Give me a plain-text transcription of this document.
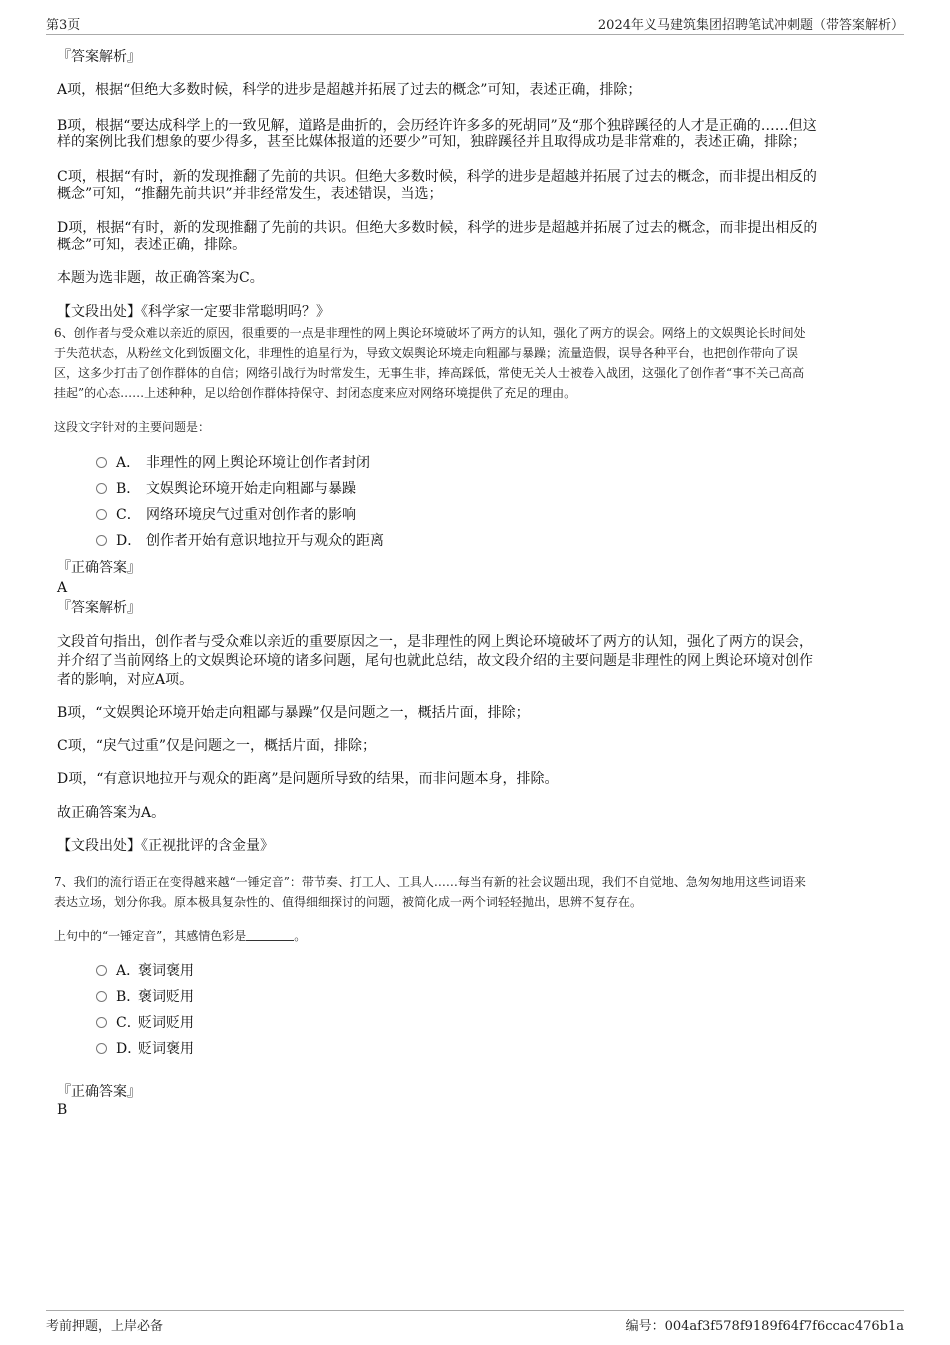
第3页	2024年义马建筑集团招聘笔试冲刺题（带答案解析）
『答案解析』
A项，根据“但绝大多数时候，科学的进步是超越并拓展了过去的概念”可知，表述正确，排除；
B项，根据“要达成科学上的一致见解，道路是曲折的，会历经许许多多的死胡同”及“那个独辟蹊径的人才是正确的……但这
样的案例比我们想象的要少得多，甚至比媒体报道的还要少”可知，独辟蹊径并且取得成功是非常难的，表述正确，排除；
C项，根据“有时，新的发现推翻了先前的共识。但绝大多数时候，科学的进步是超越并拓展了过去的概念，而非提出相反的
概念”可知，“推翻先前共识”并非经常发生，表述错误，当选；
D项，根据“有时，新的发现推翻了先前的共识。但绝大多数时候，科学的进步是超越并拓展了过去的概念，而非提出相反的
概念”可知，表述正确，排除。
本题为选非题，故正确答案为C。
【文段出处】《科学家一定要非常聪明吗？》
6、创作者与受众难以亲近的原因，很重要的一点是非理性的网上舆论环境破坏了两方的认知，强化了两方的误会。网络上的文娱舆论长时间处
于失范状态，从粉丝文化到饭圈文化，非理性的追星行为，导致文娱舆论环境走向粗鄙与暴躁；流量造假，误导各种平台，也把创作带向了误
区，这多少打击了创作群体的自信；网络引战行为时常发生，无事生非，捧高踩低，常使无关人士被卷入战团，这强化了创作者“事不关己高高
挂起”的心态……上述种种，足以给创作群体持保守、封闭态度来应对网络环境提供了充足的理由。
这段文字针对的主要问题是：
A． 非理性的网上舆论环境让创作者封闭
B． 文娱舆论环境开始走向粗鄙与暴躁
C． 网络环境戾气过重对创作者的影响
D． 创作者开始有意识地拉开与观众的距离
『正确答案』
A
『答案解析』
文段首句指出，创作者与受众难以亲近的重要原因之一，是非理性的网上舆论环境破坏了两方的认知，强化了两方的误会，
并介绍了当前网络上的文娱舆论环境的诸多问题，尾句也就此总结，故文段介绍的主要问题是非理性的网上舆论环境对创作
者的影响，对应A项。
B项，“文娱舆论环境开始走向粗鄙与暴躁”仅是问题之一，概括片面，排除；
C项，“戾气过重”仅是问题之一，概括片面，排除；
D项，“有意识地拉开与观众的距离”是问题所导致的结果，而非问题本身，排除。
故正确答案为A。
【文段出处】《正视批评的含金量》
7、我们的流行语正在变得越来越“一锤定音”：带节奏、打工人、工具人……每当有新的社会议题出现，我们不自觉地、急匆匆地用这些词语来
表达立场，划分你我。原本极具复杂性的、值得细细探讨的问题，被简化成一两个词轻轻抛出，思辨不复存在。
上句中的“一锤定音”，其感情色彩是	。
A．褒词褒用
B．褒词贬用
C．贬词贬用
D．贬词褒用
『正确答案』
B
考前押题，上岸必备	编号：004af3f578f9189f64f7f6ccac476b1a
